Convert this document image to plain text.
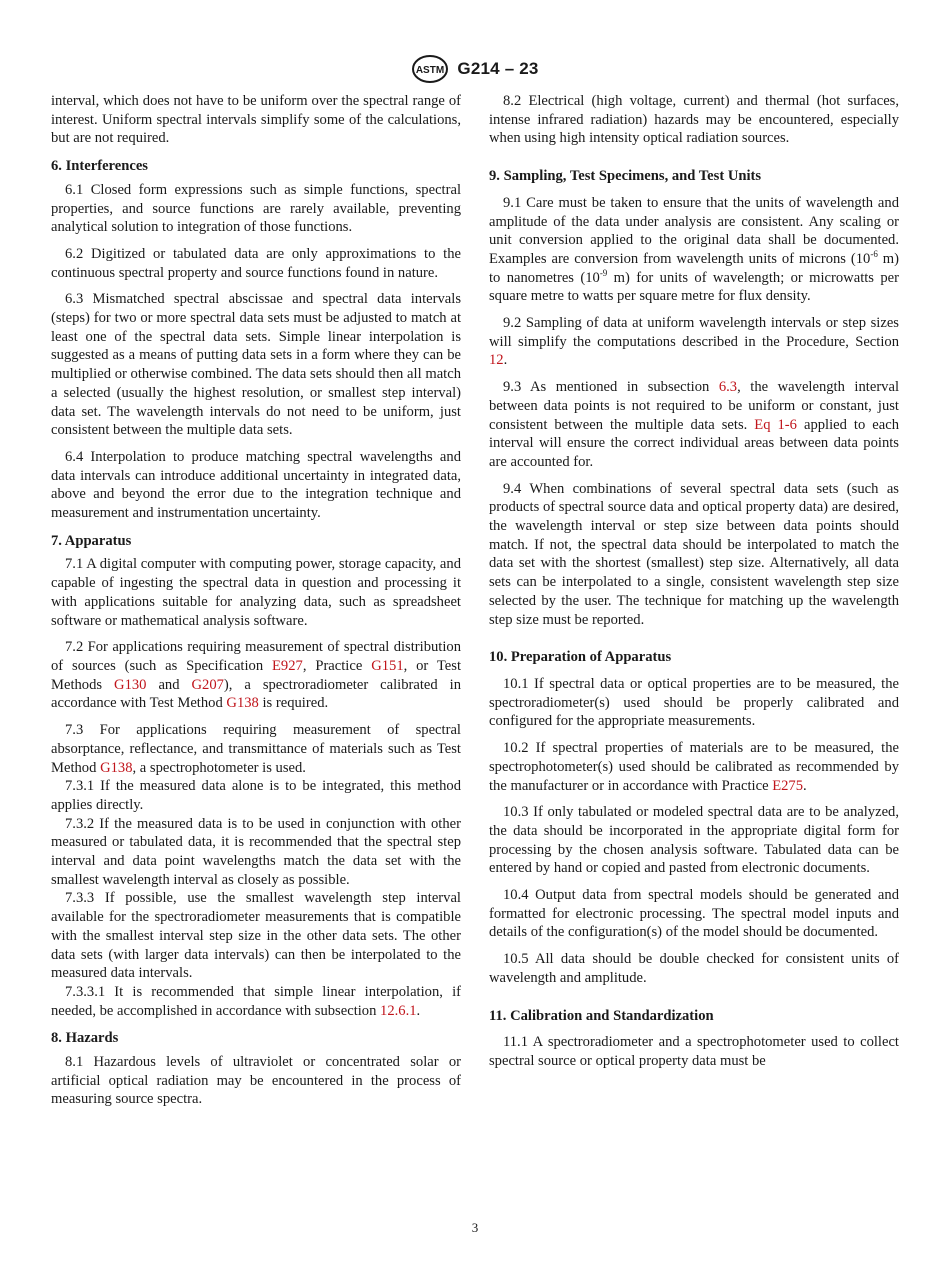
ASTM G214 – 23

interval, which does not have to be uniform over the spectral range of interest. Uniform spectral intervals simplify some of the calculations, but are not required.

6. Interferences

6.1 Closed form expressions such as simple functions, spectral properties, and source functions are rarely available, preventing analytical solution to integration of those functions.

6.2 Digitized or tabulated data are only approximations to the continuous spectral property and source functions found in nature.

6.3 Mismatched spectral abscissae and spectral data intervals (steps) for two or more spectral data sets must be adjusted to match at least one of the spectral data sets. Simple linear interpolation is suggested as a means of putting data sets in a form where they can be multiplied or otherwise combined. The data sets should then all match a selected (usually the highest resolution, or smallest step interval) data set. The wavelength intervals do not need to be uniform, just consistent between the multiple data sets.

6.4 Interpolation to produce matching spectral wavelengths and data intervals can introduce additional uncertainty in integrated data, above and beyond the error due to the integration technique and measurement and instrumentation uncertainty.

7. Apparatus

7.1 A digital computer with computing power, storage capacity, and capable of ingesting the spectral data in question and processing it with applications suitable for analyzing data, such as spreadsheet software or mathematical analysis software.

7.2 For applications requiring measurement of spectral distribution of sources (such as Specification E927, Practice G151, or Test Methods G130 and G207), a spectroradiometer calibrated in accordance with Test Method G138 is required.

7.3 For applications requiring measurement of spectral absorptance, reflectance, and transmittance of materials such as Test Method G138, a spectrophotometer is used.

7.3.1 If the measured data alone is to be integrated, this method applies directly.

7.3.2 If the measured data is to be used in conjunction with other measured or tabulated data, it is recommended that the spectral step interval and data point wavelengths match the data set with the smallest wavelength interval as closely as possible.

7.3.3 If possible, use the smallest wavelength step interval available for the spectroradiometer measurements that is compatible with the smallest interval step size in the other data sets. The other data sets (with larger data intervals) can then be interpolated to the measured data intervals.

7.3.3.1 It is recommended that simple linear interpolation, if needed, be accomplished in accordance with subsection 12.6.1.

8. Hazards

8.1 Hazardous levels of ultraviolet or concentrated solar or artificial optical radiation may be encountered in the process of measuring source spectra.

8.2 Electrical (high voltage, current) and thermal (hot surfaces, intense infrared radiation) hazards may be encountered, especially when using high intensity optical radiation sources.

9. Sampling, Test Specimens, and Test Units

9.1 Care must be taken to ensure that the units of wavelength and amplitude of the data under analysis are consistent. Any scaling or unit conversion applied to the original data shall be documented. Examples are conversion from wavelength units of microns ($10^{-6}$ m) to nanometres ($10^{-9}$ m) for units of wavelength; or microwatts per square metre to watts per square metre for flux density.

9.2 Sampling of data at uniform wavelength intervals or step sizes will simplify the computations described in the Procedure, Section 12.

9.3 As mentioned in subsection 6.3, the wavelength interval between data points is not required to be uniform or constant, just consistent between the multiple data sets. Eq 1-6 applied to each interval will ensure the correct individual areas between data points are accounted for.

9.4 When combinations of several spectral data sets (such as products of spectral source data and optical property data) are desired, the wavelength interval or step size between data points should match. If not, the spectral data should be interpolated to match the data set with the shortest (smallest) step size. Alternatively, all data sets can be interpolated to a single, consistent wavelength step size selected by the user. The technique for matching up the wavelength step size must be reported.

10. Preparation of Apparatus

10.1 If spectral data or optical properties are to be measured, the spectroradiometer(s) used should be properly calibrated and configured for the appropriate measurements.

10.2 If spectral properties of materials are to be measured, the spectrophotometer(s) used should be calibrated as recommended by the manufacturer or in accordance with Practice E275.

10.3 If only tabulated or modeled spectral data are to be analyzed, the data should be incorporated in the appropriate digital form for processing by the chosen analysis software. Tabulated data can be entered by hand or copied and pasted from electronic documents.

10.4 Output data from spectral models should be generated and formatted for electronic processing. The spectral model inputs and details of the configuration(s) of the model should be documented.

10.5 All data should be double checked for consistent units of wavelength and amplitude.

11. Calibration and Standardization

11.1 A spectroradiometer and a spectrophotometer used to collect spectral source or optical property data must be

3
